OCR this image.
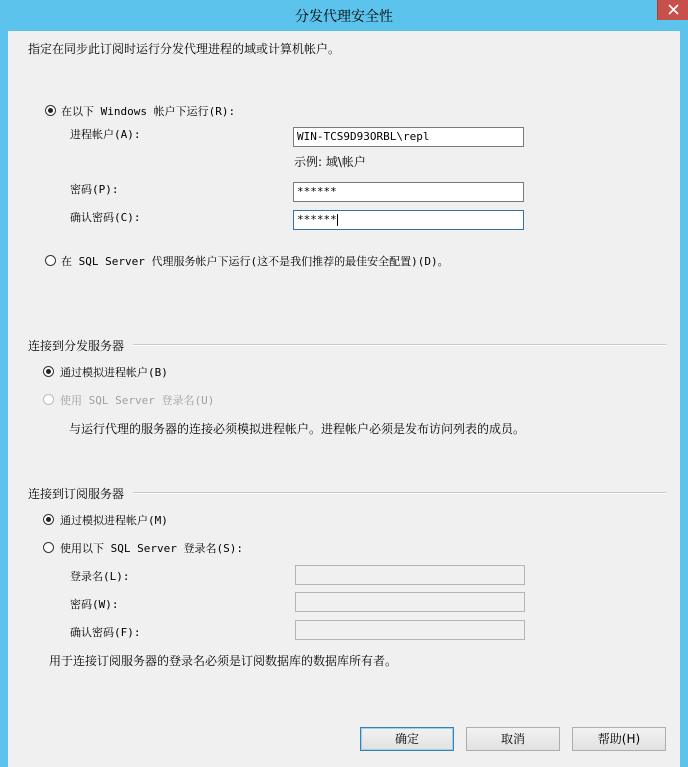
分发代理安全性
指定在同步此订阅时运行分发代理进程的域或计算机帐户。
在以下 Windows 帐户下运行(R):
进程帐户(A):	WIN-TCS9D93ORBL\repl
示例: 域\帐户
密码(P):	******
确认密码(C):	******
在 SQL Server 代理服务帐户下运行(这不是我们推荐的最佳安全配置)(D)。
连接到分发服务器
通过模拟进程帐户(B)
使用 SQL Server 登录名(U)
与运行代理的服务器的连接必须模拟进程帐户。进程帐户必须是发布访问列表的成员。
连接到订阅服务器
通过模拟进程帐户(M)
使用以下 SQL Server 登录名(S):
登录名(L):
密码(W):
确认密码(F):
用于连接订阅服务器的登录名必须是订阅数据库的数据库所有者。
确定	取消	帮助(H)
